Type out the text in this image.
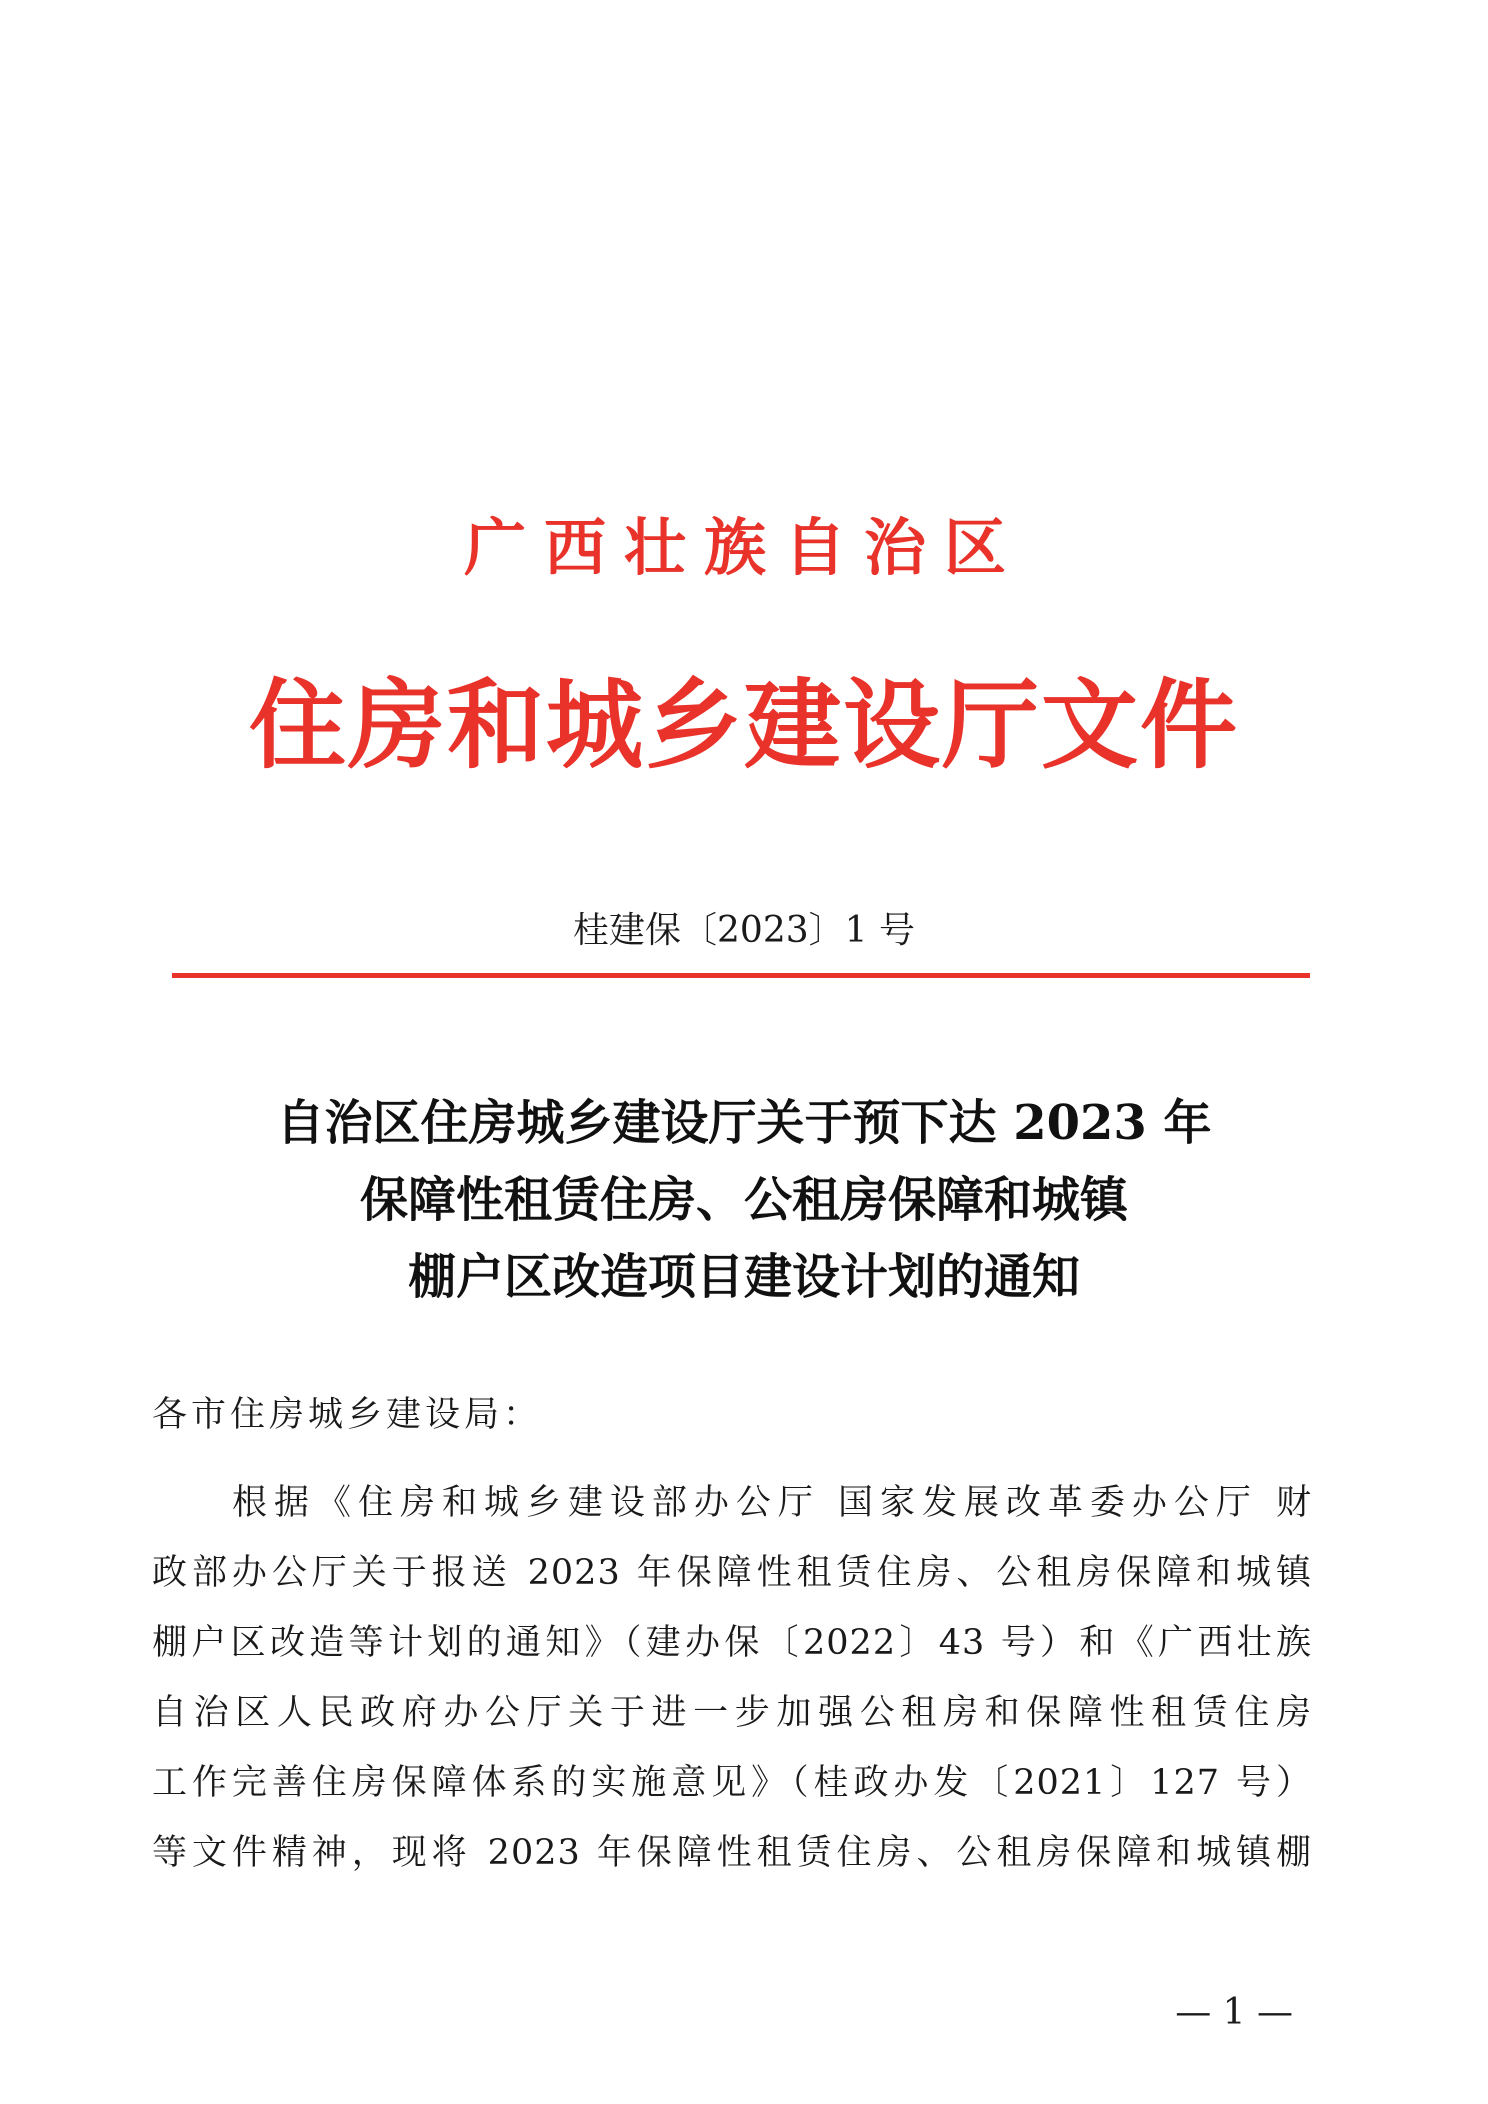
广西壮族自治区
住房和城乡建设厅文件
桂建保〔2023〕1 号
自治区住房城乡建设厅关于预下达 2023 年
保障性租赁住房、公租房保障和城镇
棚户区改造项目建设计划的通知
各市住房城乡建设局：
根据《住房和城乡建设部办公厅 国家发展改革委办公厅 财
政部办公厅关于报送 2023 年保障性租赁住房、公租房保障和城镇
棚户区改造等计划的通知》（建办保〔2022〕43 号）和《广西壮族
自治区人民政府办公厅关于进一步加强公租房和保障性租赁住房
工作完善住房保障体系的实施意见》（桂政办发〔2021〕127 号）
等文件精神，现将 2023 年保障性租赁住房、公租房保障和城镇棚
— 1 —
